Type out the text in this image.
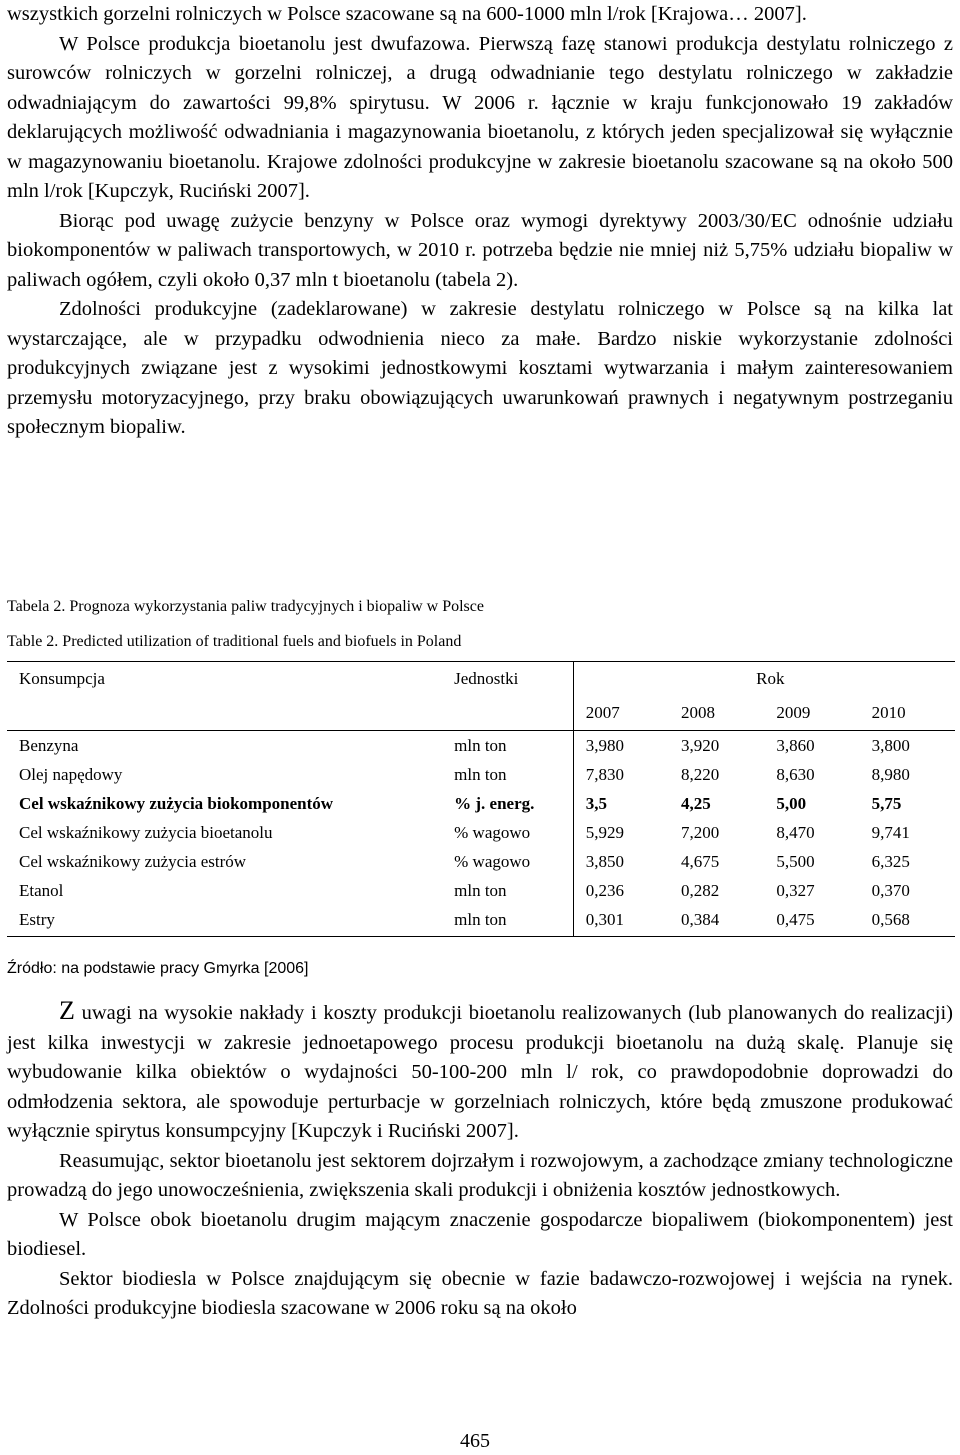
wszystkich gorzelni rolniczych w Polsce szacowane są na 600-1000 mln l/rok [Krajowa… 2007].

W Polsce produkcja bioetanolu jest dwufazowa. Pierwszą fazę stanowi produkcja destylatu rolniczego z surowców rolniczych w gorzelni rolniczej, a drugą odwadnianie tego destylatu rolniczego w zakładzie odwadniającym do zawartości 99,8% spirytusu. W 2006 r. łącznie w kraju funkcjonowało 19 zakładów deklarujących możliwość odwadniania i magazynowania bioetanolu, z których jeden specjalizował się wyłącznie w magazynowaniu bioetanolu. Krajowe zdolności produkcyjne w zakresie bioetanolu szacowane są na około 500 mln l/rok [Kupczyk, Ruciński 2007].

Biorąc pod uwagę zużycie benzyny w Polsce oraz wymogi dyrektywy 2003/30/EC odnośnie udziału biokomponentów w paliwach transportowych, w 2010 r. potrzeba będzie nie mniej niż 5,75% udziału biopaliw w paliwach ogółem, czyli około 0,37 mln t bioetanolu (tabela 2).

Zdolności produkcyjne (zadeklarowane) w zakresie destylatu rolniczego w Polsce są na kilka lat wystarczające, ale w przypadku odwodnienia nieco za małe. Bardzo niskie wykorzystanie zdolności produkcyjnych związane jest z wysokimi jednostkowymi kosztami wytwarzania i małym zainteresowaniem przemysłu motoryzacyjnego, przy braku obowiązujących uwarunkowań prawnych i negatywnym postrzeganiu społecznym biopaliw.

Tabela 2. Prognoza wykorzystania paliw tradycyjnych i biopaliw w Polsce

Table 2. Predicted utilization of traditional fuels and biofuels in Poland

Konsumpcja	Jednostki	Rok			
		2007	2008	2009	2010
Benzyna	mln ton	3,980	3,920	3,860	3,800
Olej napędowy	mln ton	7,830	8,220	8,630	8,980
Cel wskaźnikowy zużycia biokomponentów	% j. energ.	3,5	4,25	5,00	5,75
Cel wskaźnikowy zużycia bioetanolu	% wagowo	5,929	7,200	8,470	9,741
Cel wskaźnikowy zużycia estrów	% wagowo	3,850	4,675	5,500	6,325
Etanol	mln ton	0,236	0,282	0,327	0,370
Estry	mln ton	0,301	0,384	0,475	0,568

Źródło: na podstawie pracy Gmyrka [2006]

Z uwagi na wysokie nakłady i koszty produkcji bioetanolu realizowanych (lub planowanych do realizacji) jest kilka inwestycji w zakresie jednoetapowego procesu produkcji bioetanolu na dużą skalę. Planuje się wybudowanie kilka obiektów o wydajności 50-100-200 mln l/ rok, co prawdopodobnie doprowadzi do odmłodzenia sektora, ale spowoduje perturbacje w gorzelniach rolniczych, które będą zmuszone produkować wyłącznie spirytus konsumpcyjny [Kupczyk i Ruciński 2007].

Reasumując, sektor bioetanolu jest sektorem dojrzałym i rozwojowym, a zachodzące zmiany technologiczne prowadzą do jego unowocześnienia, zwiększenia skali produkcji i obniżenia kosztów jednostkowych.

W Polsce obok bioetanolu drugim mającym znaczenie gospodarcze biopaliwem (biokomponentem) jest biodiesel.

Sektor biodiesla w Polsce znajdującym się obecnie w fazie badawczo-rozwojowej i wejścia na rynek. Zdolności produkcyjne biodiesla szacowane w 2006 roku są na około

465
